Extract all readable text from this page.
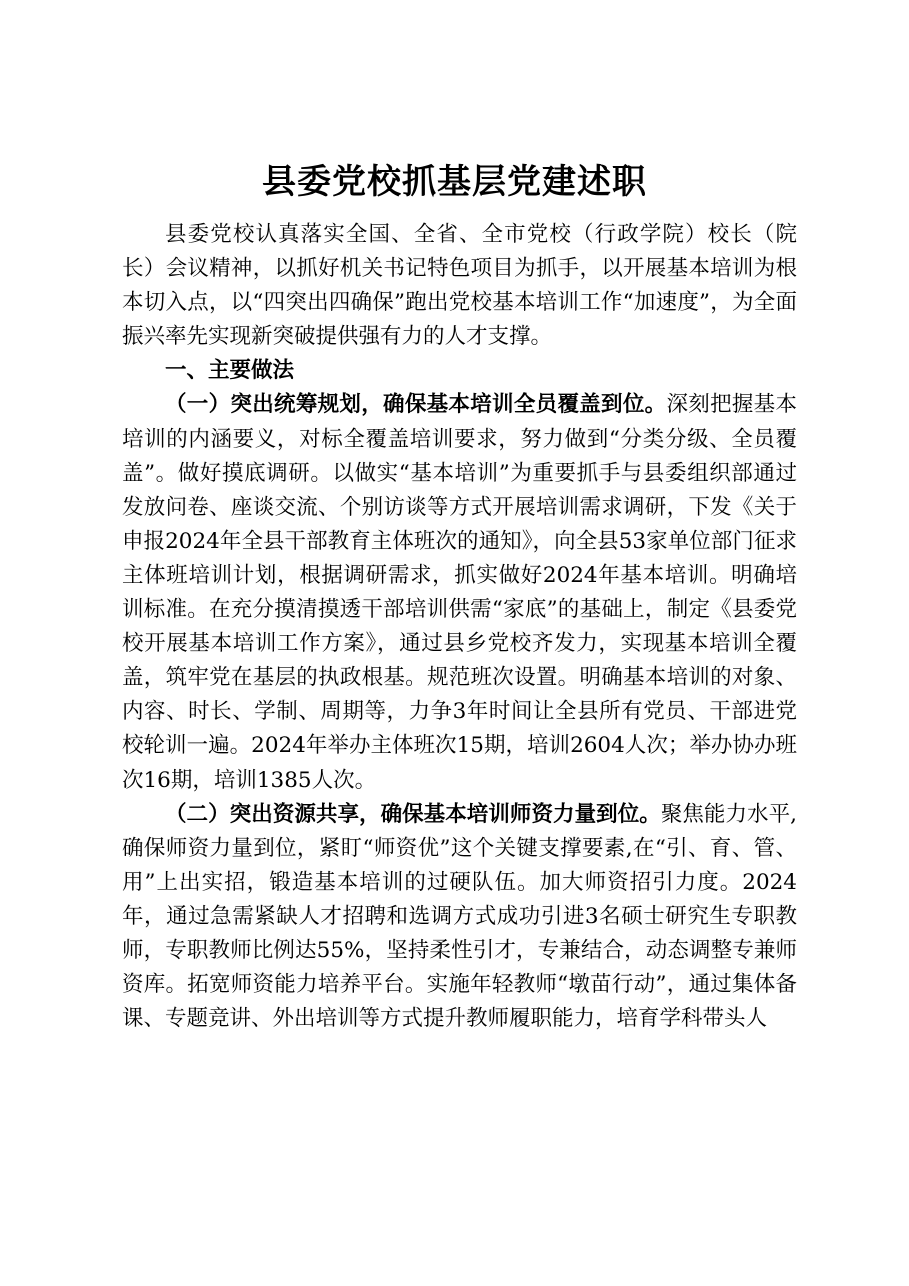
县委党校抓基层党建述职

县委党校认真落实全国、全省、全市党校（行政学院）校长（院长）会议精神，以抓好机关书记特色项目为抓手，以开展基本培训为根本切入点，以“四突出四确保”跑出党校基本培训工作“加速度”，为全面振兴率先实现新突破提供强有力的人才支撑。

一、主要做法

（一）突出统筹规划，确保基本培训全员覆盖到位。深刻把握基本培训的内涵要义，对标全覆盖培训要求，努力做到“分类分级、全员覆盖”。做好摸底调研。以做实“基本培训”为重要抓手与县委组织部通过发放问卷、座谈交流、个别访谈等方式开展培训需求调研，下发《关于申报2024年全县干部教育主体班次的通知》，向全县53家单位部门征求主体班培训计划，根据调研需求，抓实做好2024年基本培训。明确培训标准。在充分摸清摸透干部培训供需“家底”的基础上，制定《县委党校开展基本培训工作方案》，通过县乡党校齐发力，实现基本培训全覆盖，筑牢党在基层的执政根基。规范班次设置。明确基本培训的对象、内容、时长、学制、周期等，力争3年时间让全县所有党员、干部进党校轮训一遍。2024年举办主体班次15期，培训2604人次；举办协办班次16期，培训1385人次。

（二）突出资源共享，确保基本培训师资力量到位。聚焦能力水平,确保师资力量到位，紧盯“师资优”这个关键支撑要素,在“引、育、管、用”上出实招，锻造基本培训的过硬队伍。加大师资招引力度。2024年，通过急需紧缺人才招聘和选调方式成功引进3名硕士研究生专职教师，专职教师比例达55%，坚持柔性引才，专兼结合，动态调整专兼师资库。拓宽师资能力培养平台。实施年轻教师“墩苗行动”，通过集体备课、专题竞讲、外出培训等方式提升教师履职能力，培育学科带头人
